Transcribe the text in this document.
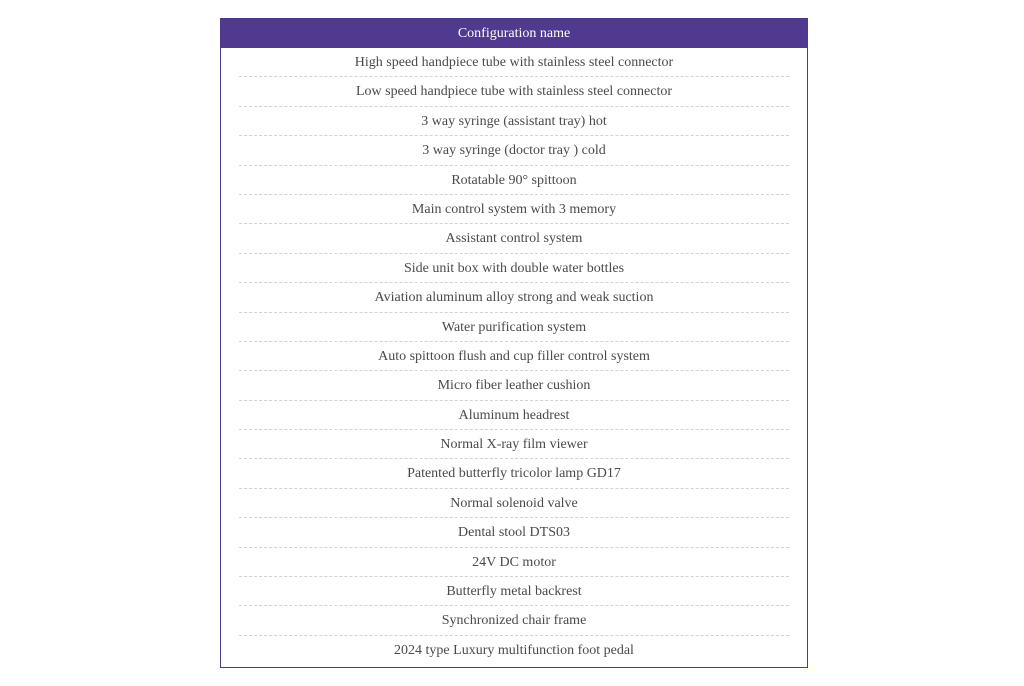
Configuration name
High speed handpiece tube with stainless steel connector
Low speed handpiece tube with stainless steel connector
3 way syringe (assistant tray) hot
3 way syringe (doctor tray ) cold
Rotatable 90° spittoon
Main control system with 3 memory
Assistant control system
Side unit box with double water bottles
Aviation aluminum alloy strong and weak suction
Water purification system
Auto spittoon flush and cup filler control system
Micro fiber leather cushion
Aluminum headrest
Normal X-ray film viewer
Patented butterfly tricolor lamp GD17
Normal solenoid valve
Dental stool DTS03
24V DC motor
Butterfly metal backrest
Synchronized chair frame
2024 type Luxury multifunction foot pedal
